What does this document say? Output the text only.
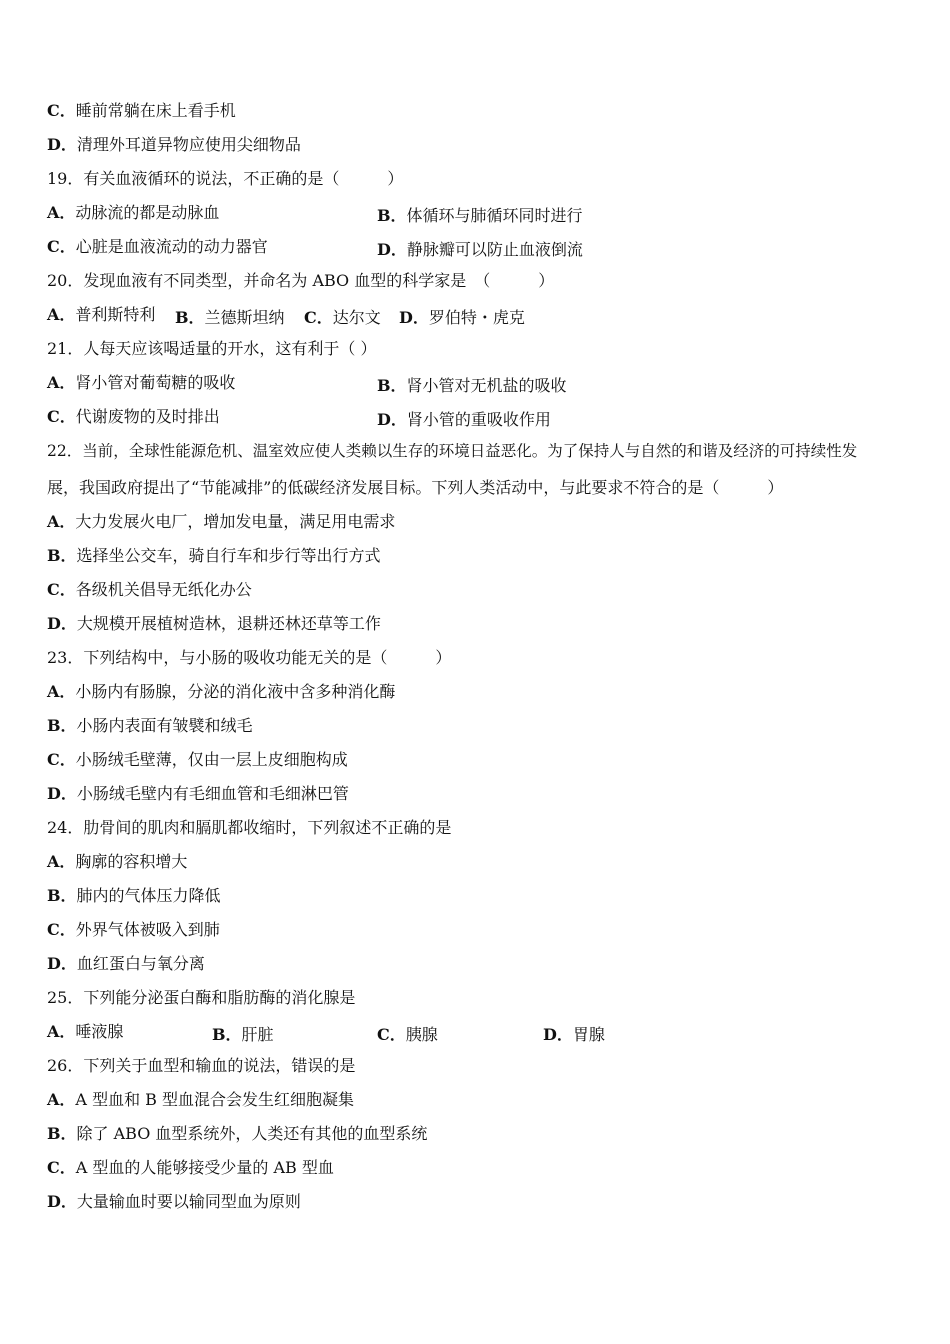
C．睡前常躺在床上看手机
D．清理外耳道异物应使用尖细物品
19．有关血液循环的说法，不正确的是（　　　）
A．动脉流的都是动脉血	B．体循环与肺循环同时进行
C．心脏是血液流动的动力器官	D．静脉瓣可以防止血液倒流
20．发现血液有不同类型，并命名为 ABO 血型的科学家是　（　　　）
A．普利斯特利 B．兰德斯坦纳 C．达尔文 D．罗伯特・虎克
21．人每天应该喝适量的开水，这有利于（ ）
A．肾小管对葡萄糖的吸收	B．肾小管对无机盐的吸收
C．代谢废物的及时排出	D．肾小管的重吸收作用
22．当前，全球性能源危机、温室效应使人类赖以生存的环境日益恶化。为了保持人与自然的和谐及经济的可持续性发
展，我国政府提出了“节能减排”的低碳经济发展目标。下列人类活动中，与此要求不符合的是（　　　）
A．大力发展火电厂，增加发电量，满足用电需求
B．选择坐公交车，骑自行车和步行等出行方式
C．各级机关倡导无纸化办公
D．大规模开展植树造林，退耕还林还草等工作
23．下列结构中，与小肠的吸收功能无关的是（　　　）
A．小肠内有肠腺，分泌的消化液中含多种消化酶
B．小肠内表面有皱襞和绒毛
C．小肠绒毛壁薄，仅由一层上皮细胞构成
D．小肠绒毛壁内有毛细血管和毛细淋巴管
24．肋骨间的肌肉和膈肌都收缩时，下列叙述不正确的是
A．胸廓的容积增大
B．肺内的气体压力降低
C．外界气体被吸入到肺
D．血红蛋白与氧分离
25．下列能分泌蛋白酶和脂肪酶的消化腺是
A．唾液腺	B．肝脏	C．胰腺	D．胃腺
26．下列关于血型和输血的说法，错误的是
A．A 型血和 B 型血混合会发生红细胞凝集
B．除了 ABO 血型系统外，人类还有其他的血型系统
C．A 型血的人能够接受少量的 AB 型血
D．大量输血时要以输同型血为原则
